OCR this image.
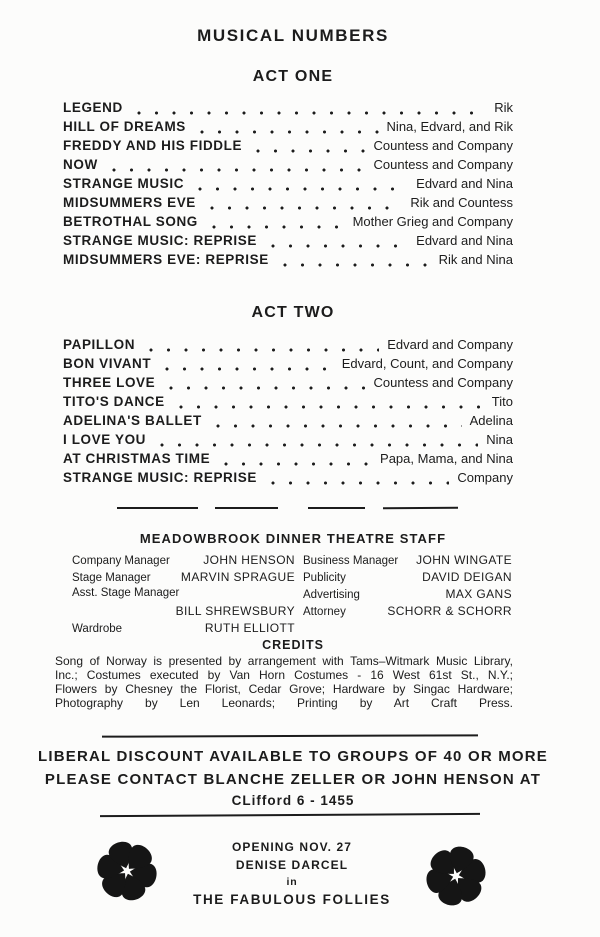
MUSICAL NUMBERS
ACT ONE
LEGEND	Rik
HILL OF DREAMS	Nina, Edvard, and Rik
FREDDY AND HIS FIDDLE	Countess and Company
NOW	Countess and Company
STRANGE MUSIC	Edvard and Nina
MIDSUMMERS EVE	Rik and Countess
BETROTHAL SONG	Mother Grieg and Company
STRANGE MUSIC: REPRISE	Edvard and Nina
MIDSUMMERS EVE: REPRISE	Rik and Nina
ACT TWO
PAPILLON	Edvard and Company
BON VIVANT	Edvard, Count, and Company
THREE LOVE	Countess and Company
TITO'S DANCE	Tito
ADELINA'S BALLET	Adelina
I LOVE YOU	Nina
AT CHRISTMAS TIME	Papa, Mama, and Nina
STRANGE MUSIC: REPRISE	Company
MEADOWBROOK DINNER THEATRE STAFF
Company Manager	JOHN HENSON
Stage Manager	MARVIN SPRAGUE
Asst. Stage Manager
BILL SHREWSBURY
Wardrobe	RUTH ELLIOTT
Business Manager JOHN WINGATE
Publicity	DAVID DEIGAN
Advertising	MAX GANS
Attorney	SCHORR & SCHORR
CREDITS
Song of Norway is presented by arrangement with Tams–Witmark Music Library, Inc.; Costumes executed by Van Horn Costumes - 16 West 61st St., N.Y.; Flowers by Chesney the Florist, Cedar Grove; Hardware by Singac Hardware; Photography by Len Leonards; Printing by Art Craft Press.
LIBERAL DISCOUNT AVAILABLE TO GROUPS OF 40 OR MORE
PLEASE CONTACT BLANCHE ZELLER OR JOHN HENSON AT
CLifford 6 - 1455
OPENING NOV. 27
DENISE DARCEL
in
THE FABULOUS FOLLIES
